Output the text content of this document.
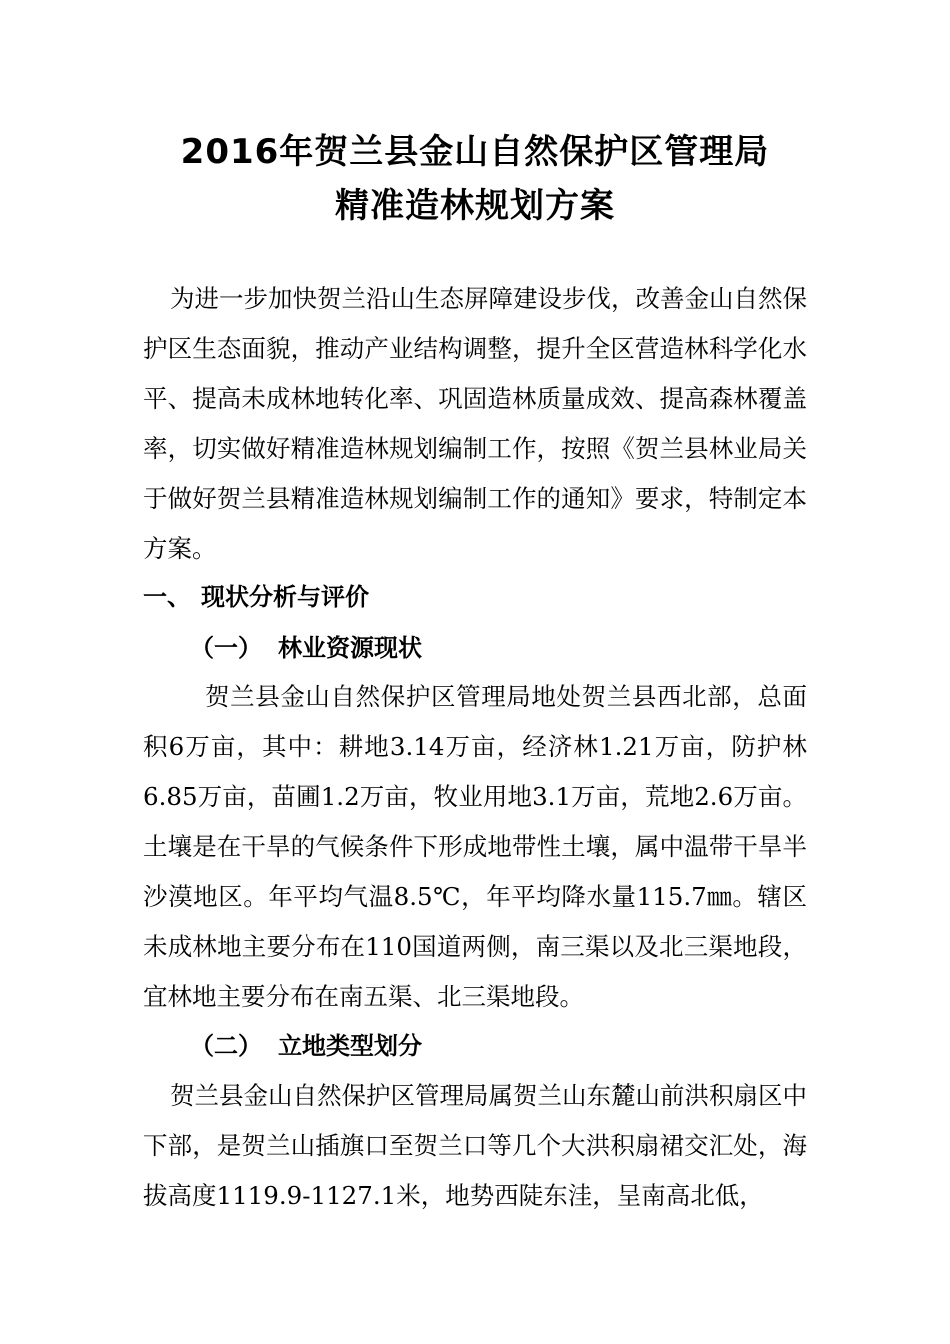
2016年贺兰县金山自然保护区管理局
精准造林规划方案

为进一步加快贺兰沿山生态屏障建设步伐，改善金山自然保护区生态面貌，推动产业结构调整，提升全区营造林科学化水平、提高未成林地转化率、巩固造林质量成效、提高森林覆盖率，切实做好精准造林规划编制工作，按照《贺兰县林业局关于做好贺兰县精准造林规划编制工作的通知》要求，特制定本方案。

一、 现状分析与评价
（一） 林业资源现状

贺兰县金山自然保护区管理局地处贺兰县西北部，总面积6万亩，其中：耕地3.14万亩，经济林1.21万亩，防护林6.85万亩，苗圃1.2万亩，牧业用地3.1万亩，荒地2.6万亩。土壤是在干旱的气候条件下形成地带性土壤，属中温带干旱半沙漠地区。年平均气温8.5℃，年平均降水量115.7㎜。辖区未成林地主要分布在110国道两侧，南三渠以及北三渠地段，宜林地主要分布在南五渠、北三渠地段。

（二） 立地类型划分

贺兰县金山自然保护区管理局属贺兰山东麓山前洪积扇区中下部，是贺兰山插旗口至贺兰口等几个大洪积扇裙交汇处，海拔高度1119.9-1127.1米，地势西陡东洼，呈南高北低，
